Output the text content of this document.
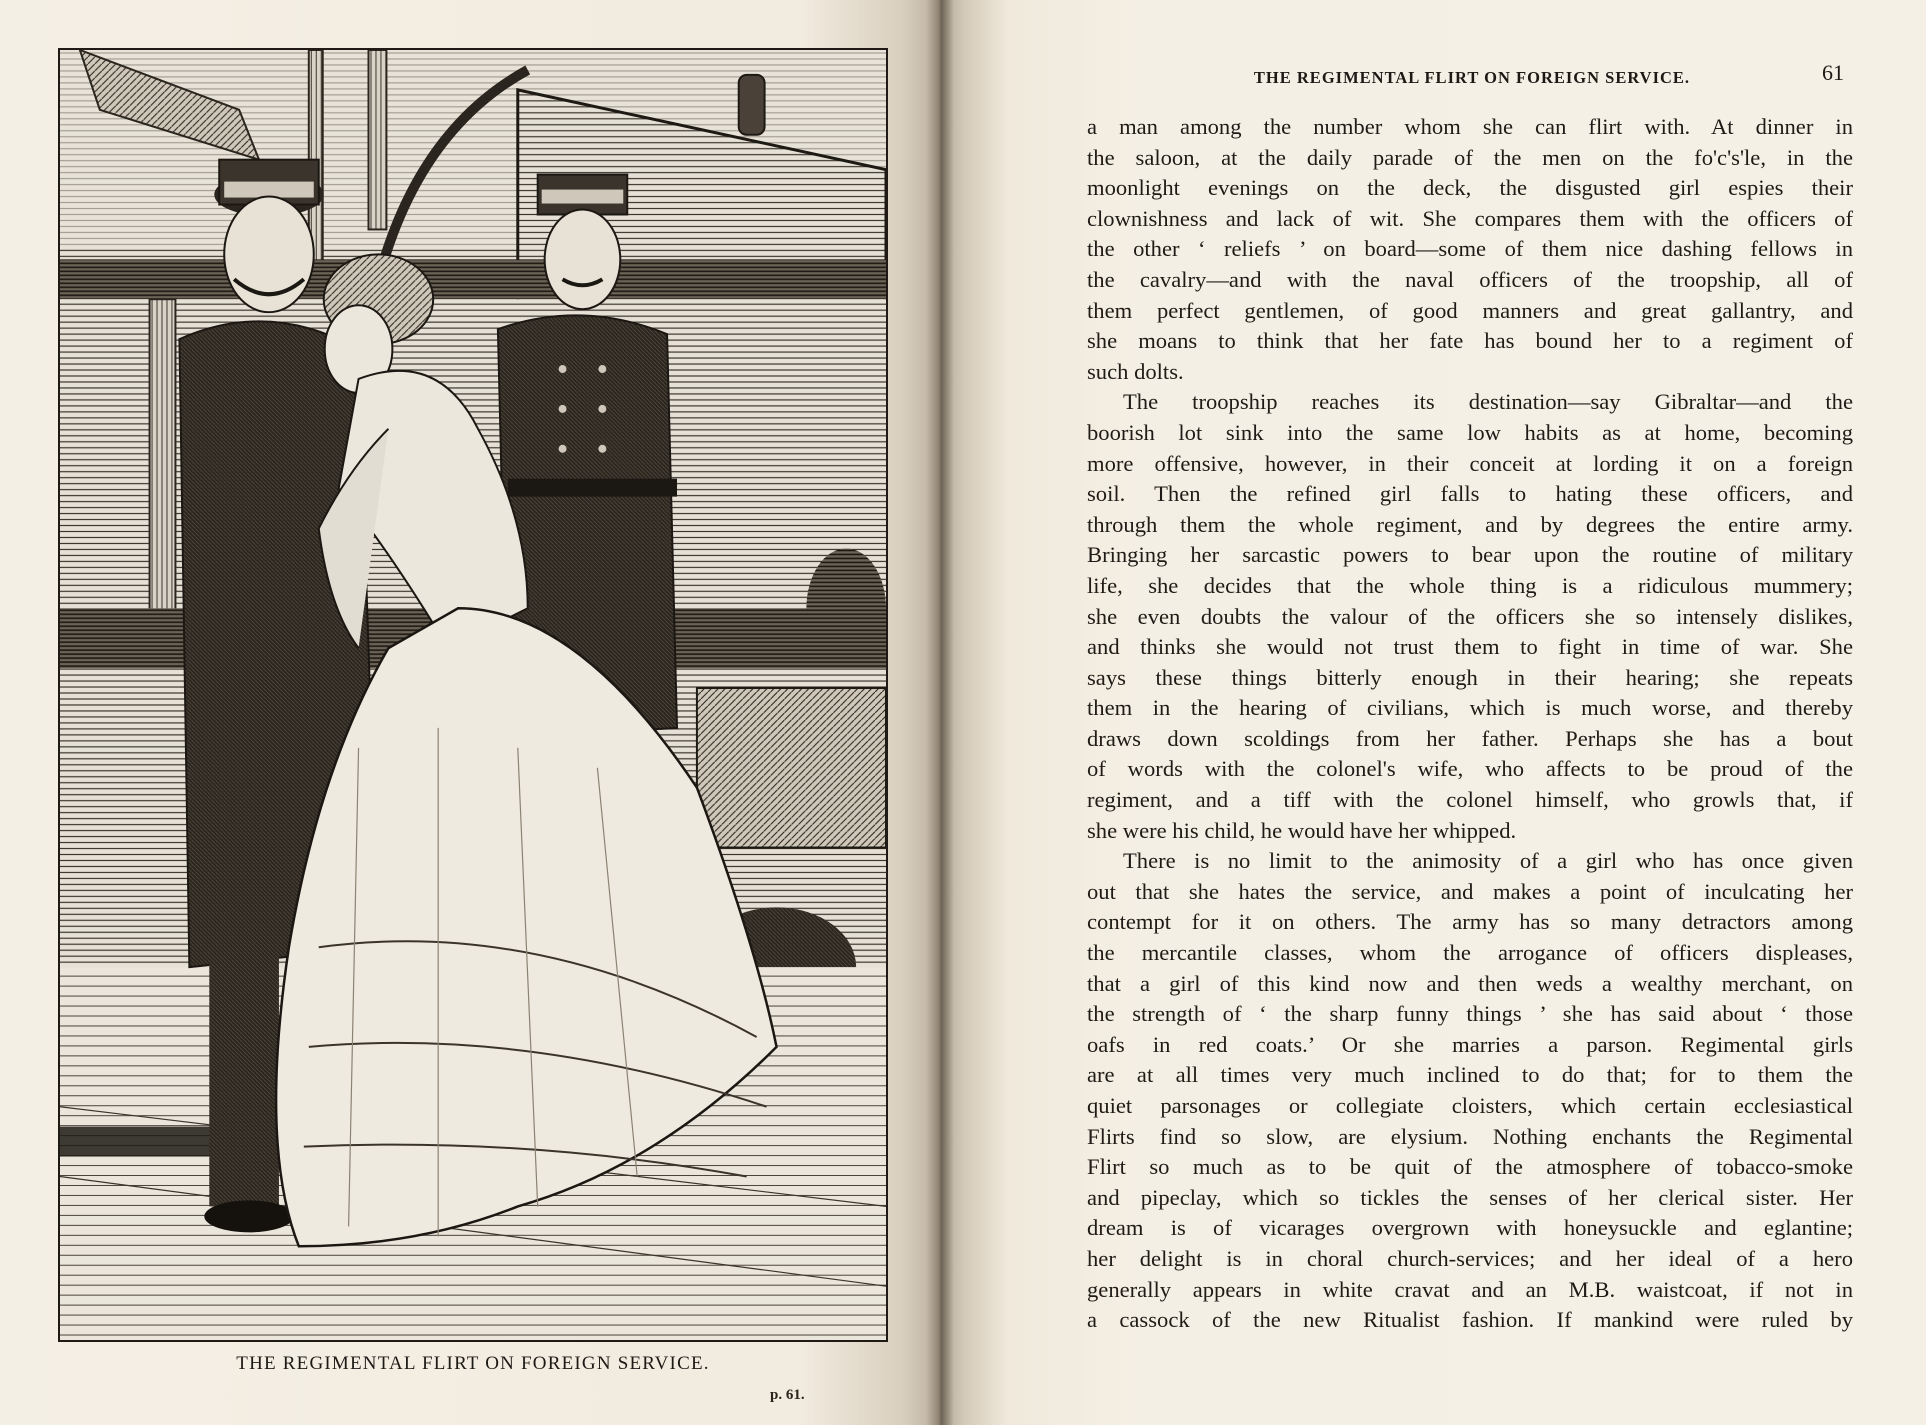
THE REGIMENTAL FLIRT ON FOREIGN SERVICE.

p. 61.

THE REGIMENTAL FLIRT ON FOREIGN SERVICE.	61

a man among the number whom she can flirt with. At dinner in
the saloon, at the daily parade of the men on the fo'c's'le, in the
moonlight evenings on the deck, the disgusted girl espies their
clownishness and lack of wit. She compares them with the officers of
the other ‘ reliefs ’ on board—some of them nice dashing fellows in
the cavalry—and with the naval officers of the troopship, all of
them perfect gentlemen, of good manners and great gallantry, and
she moans to think that her fate has bound her to a regiment of
such dolts.
The troopship reaches its destination—say Gibraltar—and the
boorish lot sink into the same low habits as at home, becoming
more offensive, however, in their conceit at lording it on a foreign
soil. Then the refined girl falls to hating these officers, and
through them the whole regiment, and by degrees the entire army.
Bringing her sarcastic powers to bear upon the routine of military
life, she decides that the whole thing is a ridiculous mummery;
she even doubts the valour of the officers she so intensely dislikes,
and thinks she would not trust them to fight in time of war. She
says these things bitterly enough in their hearing; she repeats
them in the hearing of civilians, which is much worse, and thereby
draws down scoldings from her father. Perhaps she has a bout
of words with the colonel's wife, who affects to be proud of the
regiment, and a tiff with the colonel himself, who growls that, if
she were his child, he would have her whipped.
There is no limit to the animosity of a girl who has once given
out that she hates the service, and makes a point of inculcating her
contempt for it on others. The army has so many detractors among
the mercantile classes, whom the arrogance of officers displeases,
that a girl of this kind now and then weds a wealthy merchant, on
the strength of ‘ the sharp funny things ’ she has said about ‘ those
oafs in red coats.’ Or she marries a parson. Regimental girls
are at all times very much inclined to do that; for to them the
quiet parsonages or collegiate cloisters, which certain ecclesiastical
Flirts find so slow, are elysium. Nothing enchants the Regimental
Flirt so much as to be quit of the atmosphere of tobacco-smoke
and pipeclay, which so tickles the senses of her clerical sister. Her
dream is of vicarages overgrown with honeysuckle and eglantine;
her delight is in choral church-services; and her ideal of a hero
generally appears in white cravat and an M.B. waistcoat, if not in
a cassock of the new Ritualist fashion. If mankind were ruled by
